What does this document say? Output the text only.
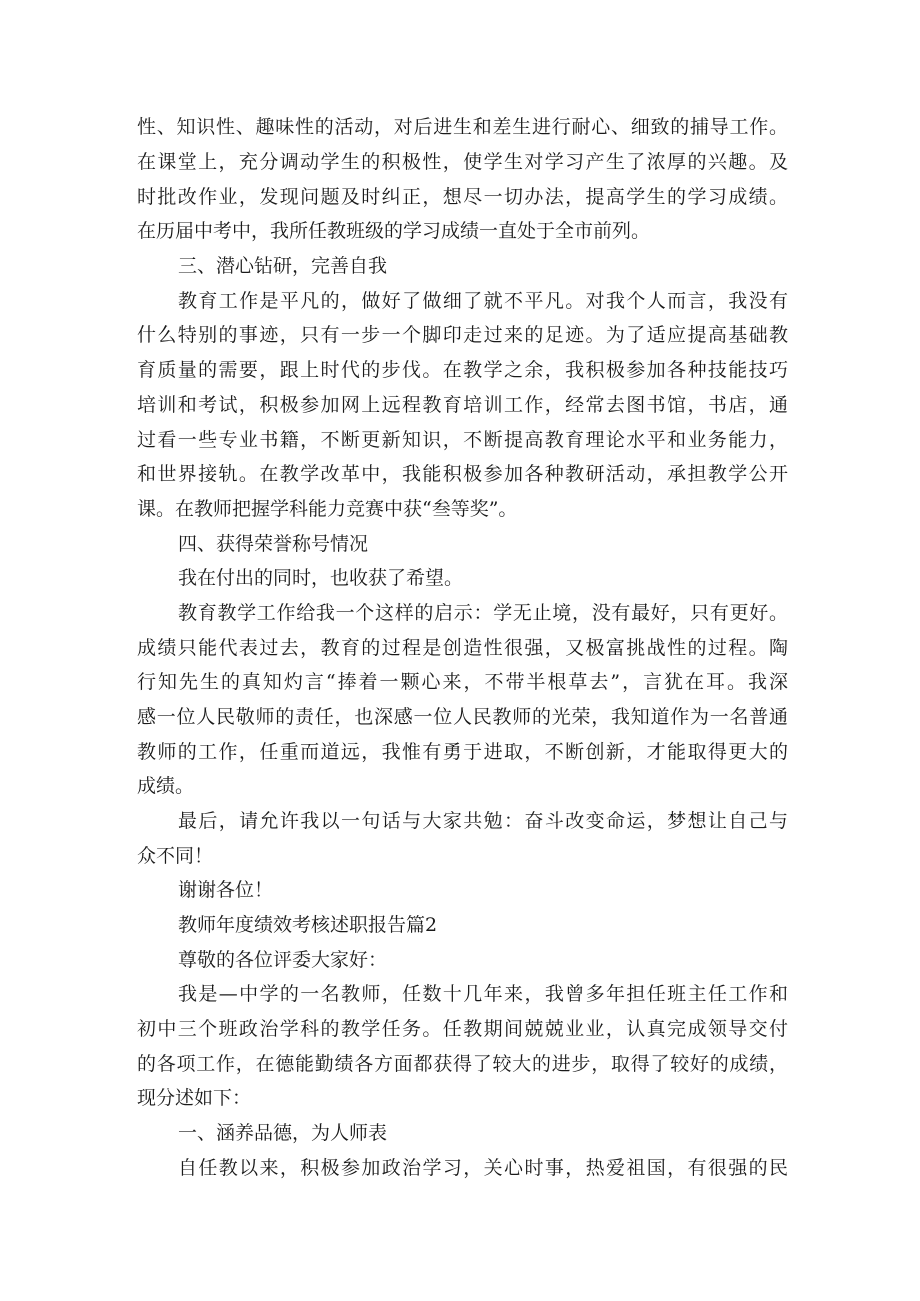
性、知识性、趣味性的活动，对后进生和差生进行耐心、细致的捕导工作。
在课堂上，充分调动学生的积极性，使学生对学习产生了浓厚的兴趣。及
时批改作业，发现问题及时纠正，想尽一切办法，提高学生的学习成绩。
在历届中考中，我所任教班级的学习成绩一直处于全市前列。
三、潜心钻研，完善自我
教育工作是平凡的，做好了做细了就不平凡。对我个人而言，我没有
什么特别的事迹，只有一步一个脚印走过来的足迹。为了适应提高基础教
育质量的需要，跟上时代的步伐。在教学之余，我积极参加各种技能技巧
培训和考试，积极参加网上远程教育培训工作，经常去图书馆，书店，通
过看一些专业书籍，不断更新知识，不断提高教育理论水平和业务能力，
和世界接轨。在教学改革中，我能积极参加各种教研活动，承担教学公开
课。在教师把握学科能力竞赛中获“叁等奖”。
四、获得荣誉称号情况
我在付出的同时，也收获了希望。
教育教学工作给我一个这样的启示：学无止境，没有最好，只有更好。
成绩只能代表过去，教育的过程是创造性很强，又极富挑战性的过程。陶
行知先生的真知灼言“捧着一颗心来，不带半根草去”，言犹在耳。我深
感一位人民敬师的责任，也深感一位人民教师的光荣，我知道作为一名普通
教师的工作，任重而道远，我惟有勇于进取，不断创新，才能取得更大的
成绩。
最后，请允许我以一句话与大家共勉：奋斗改变命运，梦想让自己与
众不同！
谢谢各位！
教师年度绩效考核述职报告篇2
尊敬的各位评委大家好：
我是—中学的一名教师，任数十几年来，我曾多年担任班主任工作和
初中三个班政治学科的教学任务。任教期间兢兢业业，认真完成领导交付
的各项工作，在德能勤绩各方面都获得了较大的进步，取得了较好的成绩，
现分述如下：
一、涵养品德，为人师表
自任教以来，积极参加政治学习，关心时事，热爱祖国，有很强的民
